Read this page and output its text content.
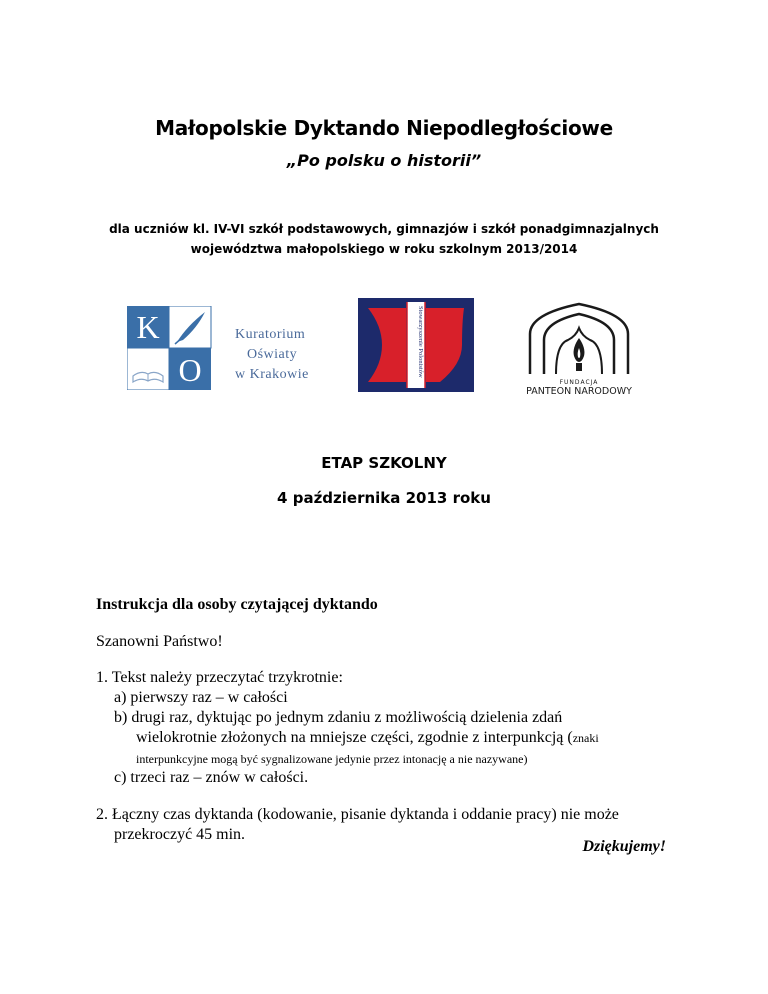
Małopolskie Dyktando Niepodległościowe
„Po polsku o historii”
dla uczniów kl. IV-VI szkół podstawowych, gimnazjów i szkół ponadgimnazjalnych
województwa małopolskiego w roku szkolnym 2013/2014
K
O
Kuratorium
Oświaty
w Krakowie	Stowarzyszenie Polonistów
FUNDACJA
PANTEON NARODOWY
ETAP SZKOLNY
4 października 2013 roku
Instrukcja dla osoby czytającej dyktando
Szanowni Państwo!
1. Tekst należy przeczytać trzykrotnie:
a) pierwszy raz – w całości
b) drugi raz, dyktując po jednym zdaniu z możliwością dzielenia zdań
wielokrotnie złożonych na mniejsze części, zgodnie z interpunkcją (znaki
interpunkcyjne mogą być sygnalizowane jedynie przez intonację a nie nazywane)
c) trzeci raz – znów w całości.
2. Łączny czas dyktanda (kodowanie, pisanie dyktanda i oddanie pracy) nie może
przekroczyć 45 min.
Dziękujemy!
